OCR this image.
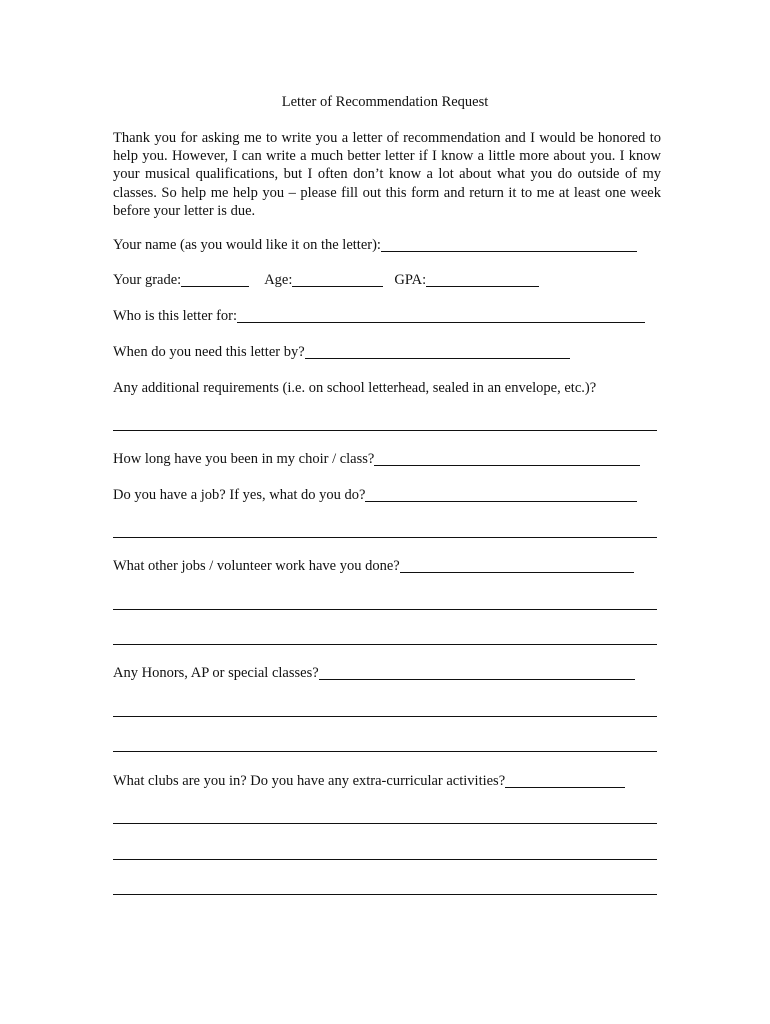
Letter of Recommendation Request

Thank you for asking me to write you a letter of recommendation and I would be honored to help you. However, I can write a much better letter if I know a little more about you. I know your musical qualifications, but I often don’t know a lot about what you do outside of my classes. So help me help you – please fill out this form and return it to me at least one week before your letter is due.

Your name (as you would like it on the letter):
Your grade:	Age:	GPA:
Who is this letter for:
When do you need this letter by?
Any additional requirements (i.e. on school letterhead, sealed in an envelope, etc.)?
How long have you been in my choir / class?
Do you have a job? If yes, what do you do?
What other jobs / volunteer work have you done?
Any Honors, AP or special classes?
What clubs are you in? Do you have any extra-curricular activities?
